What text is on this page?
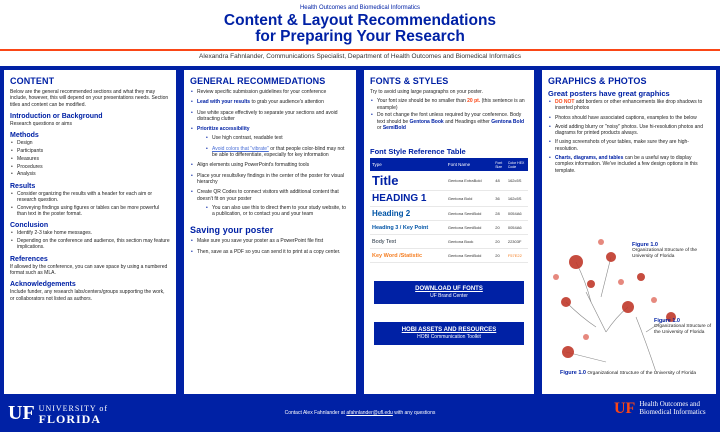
Health Outcomes and Biomedical Informatics
Content & Layout Recommendations
for Preparing Your Research
Alexandra Fahnlander, Communications Specialist, Department of Health Outcomes and Biomedical Informatics
CONTENT

Below are the general recommended sections and what they may include, however, this will depend on your presentations needs. Section titles and content can be modified.

Introduction or Background

Research questions or aims

Methods
• Design
• Participants
• Measures
• Procedures
• Analysis
Results
• Consider organizing the results with a header for each aim or research question.
• Conveying findings using figures or tables can be more powerful than text in the poster format.
Conclusion
• Identify 2-3 take home messages.
• Depending on the conference and audience, this section may feature implications.
References

If allowed by the conference, you can save space by using a numbered format such as MLA.

Acknowledgements

Include funder, any research labs/centers/groups supporting the work, or collaborators not listed as authors.

GENERAL RECOMMEDATIONS
• Review specific submission guidelines for your conference
• Lead with your results to grab your audience's attention
• Use white space effectively to separate your sections and avoid distracting clutter
• Prioritize accessibility
• Use high contrast, readable text
• Avoid colors that "vibrate" or that people color-blind may not be able to differentiate, especially for key information
• Align elements using PowerPoint's formatting tools
• Place your results/key findings in the center of the poster for visual hierarchy
• Create QR Codes to connect visitors with additional content that doesn't fit on your poster
• You can also use this to direct them to your study website, to a publication, or to contact you and your team
Saving your poster
• Make sure you save your poster as a PowerPoint file first
• Then, save as a PDF so you can send it to print at a copy center.
FONTS & STYLES

Try to avoid using large paragraphs on your poster.

• Your font size should be no smaller than 20 pt. (this sentence is an example)
• Do not change the font unless required by your conference. Body text should be Gentona Book and Headings either Gentona Bold or SemiBold
Font Style Reference Table
Type	Font Name	Font Size	Color HEX Code
Title	Gentona ExtraBold	48	162c5S
HEADING 1	Gentona Bold	36	162c5S
Heading 2	Gentona SemiBold	28	0054A6
Heading 3 / Key Point	Gentona SemiBold	20	0054A6
Body Text	Gentona Book	20	22303F
Key Word /Statistic	Gentona SemiBold	20	F57E22
DOWNLOAD UF FONTS
UF Brand Center
HOBI ASSETS AND RESOURCES
HOBI Communication Toolkit
GRAPHICS & PHOTOS
Great posters have great graphics
• DO NOT add borders or other enhancements like drop shadows to inserted photos
• Photos should have associated captions, examples to the below
• Avoid adding blurry or "noisy" photos. Use hi-resolution photos and diagrams for printed products always.
• If using screenshots of your tables, make sure they are high-resolution.
• Charts, diagrams, and tables can be a useful way to display complex information. We've included a few design options in this template.
Figure 1.0
Organizational Structure of the University of Florida
Figure 1.0
Organizational Structure of the University of Florida
Figure 1.0 Organizational Structure of the University of Florida
UF UNIVERSITY of
FLORIDA	Contact Alex Fahnlander at afahnlander@ufl.edu with any questions	UF Health Outcomes and
Biomedical Informatics
